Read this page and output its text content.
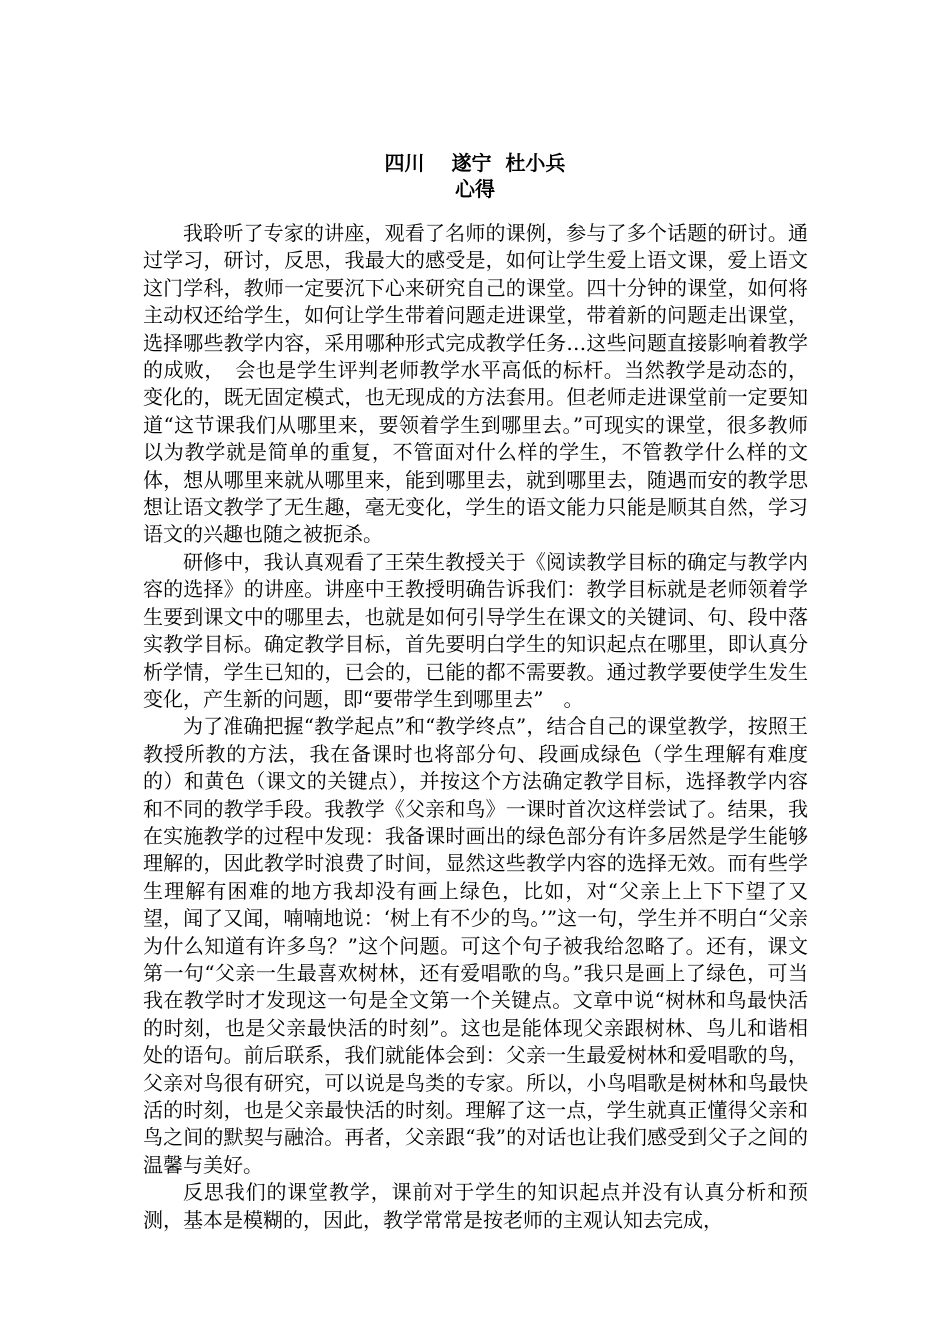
四川　 遂宁  杜小兵
心得

我聆听了专家的讲座，观看了名师的课例，参与了多个话题的研讨。通过学习，研讨，反思，我最大的感受是，如何让学生爱上语文课，爱上语文这门学科，教师一定要沉下心来研究自己的课堂。四十分钟的课堂，如何将主动权还给学生，如何让学生带着问题走进课堂，带着新的问题走出课堂，选择哪些教学内容，采用哪种形式完成教学任务…这些问题直接影响着教学的成败，　会也是学生评判老师教学水平高低的标杆。当然教学是动态的，变化的，既无固定模式，也无现成的方法套用。但老师走进课堂前一定要知道“这节课我们从哪里来，要领着学生到哪里去。”可现实的课堂，很多教师以为教学就是简单的重复，不管面对什么样的学生，不管教学什么样的文体，想从哪里来就从哪里来，能到哪里去，就到哪里去，随遇而安的教学思想让语文教学了无生趣，毫无变化，学生的语文能力只能是顺其自然，学习语文的兴趣也随之被扼杀。

研修中，我认真观看了王荣生教授关于《阅读教学目标的确定与教学内容的选择》的讲座。讲座中王教授明确告诉我们：教学目标就是老师领着学生要到课文中的哪里去，也就是如何引导学生在课文的关键词、句、段中落实教学目标。确定教学目标，首先要明白学生的知识起点在哪里，即认真分析学情，学生已知的，已会的，已能的都不需要教。通过教学要使学生发生变化，产生新的问题，即“要带学生到哪里去”　。

为了准确把握“教学起点”和“教学终点”，结合自己的课堂教学，按照王教授所教的方法，我在备课时也将部分句、段画成绿色（学生理解有难度的）和黄色（课文的关键点），并按这个方法确定教学目标，选择教学内容和不同的教学手段。我教学《父亲和鸟》一课时首次这样尝试了。结果，我在实施教学的过程中发现：我备课时画出的绿色部分有许多居然是学生能够理解的，因此教学时浪费了时间，显然这些教学内容的选择无效。而有些学生理解有困难的地方我却没有画上绿色，比如，对“父亲上上下下望了又望，闻了又闻，喃喃地说：‘树上有不少的鸟。’”这一句，学生并不明白“父亲为什么知道有许多鸟？”这个问题。可这个句子被我给忽略了。还有，课文第一句“父亲一生最喜欢树林，还有爱唱歌的鸟。”我只是画上了绿色，可当我在教学时才发现这一句是全文第一个关键点。文章中说“树林和鸟最快活的时刻，也是父亲最快活的时刻”。这也是能体现父亲跟树林、鸟儿和谐相处的语句。前后联系，我们就能体会到：父亲一生最爱树林和爱唱歌的鸟，父亲对鸟很有研究，可以说是鸟类的专家。所以，小鸟唱歌是树林和鸟最快活的时刻，也是父亲最快活的时刻。理解了这一点，学生就真正懂得父亲和鸟之间的默契与融洽。再者，父亲跟“我”的对话也让我们感受到父子之间的温馨与美好。

反思我们的课堂教学，课前对于学生的知识起点并没有认真分析和预测，基本是模糊的，因此，教学常常是按老师的主观认知去完成，
